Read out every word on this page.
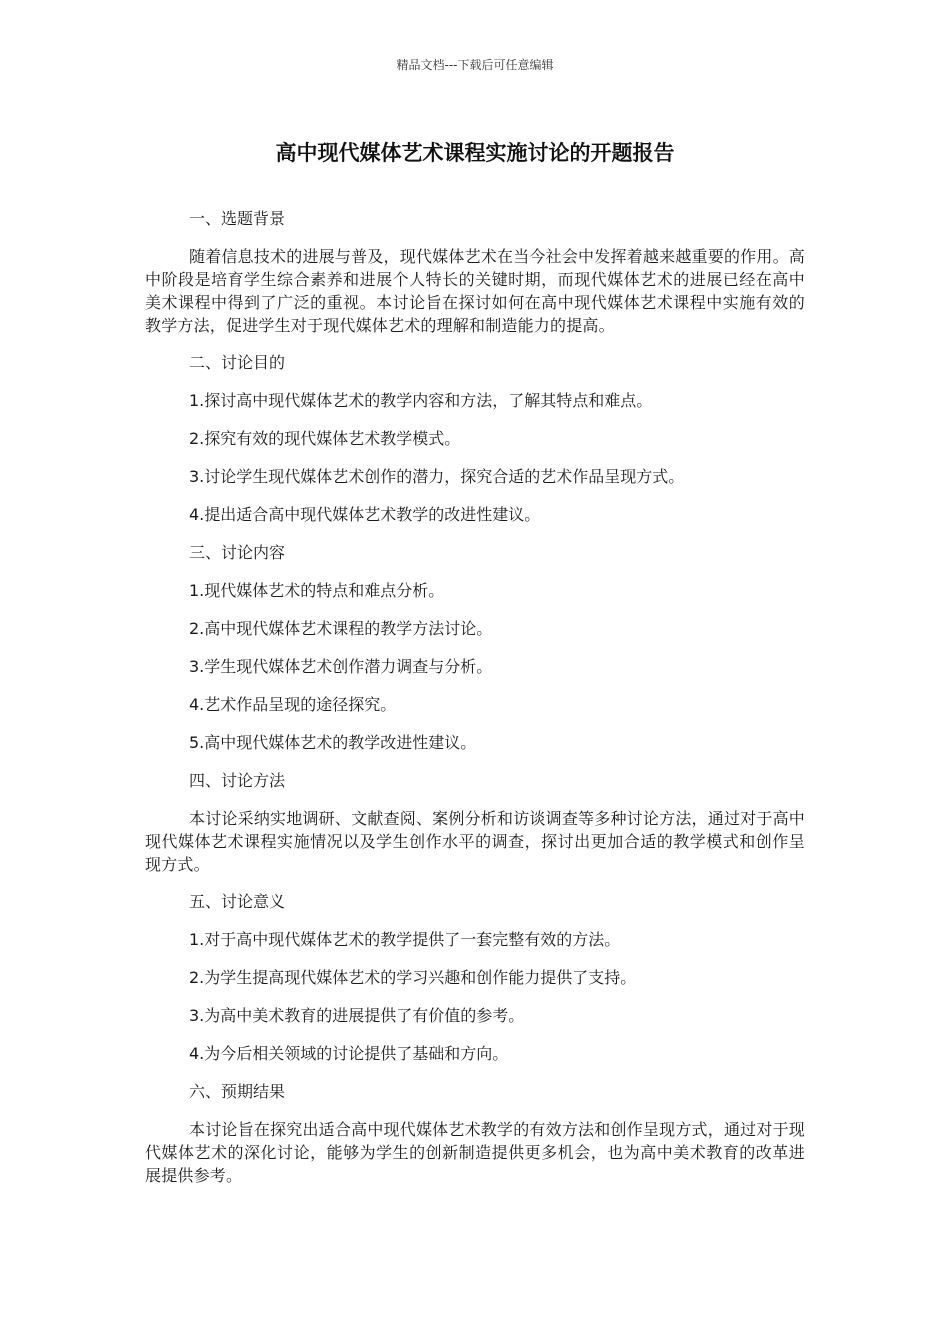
精品文档---下载后可任意编辑
高中现代媒体艺术课程实施讨论的开题报告

一、选题背景

随着信息技术的进展与普及，现代媒体艺术在当今社会中发挥着越来越重要的作用。高中阶段是培育学生综合素养和进展个人特长的关键时期，而现代媒体艺术的进展已经在高中美术课程中得到了广泛的重视。本讨论旨在探讨如何在高中现代媒体艺术课程中实施有效的教学方法，促进学生对于现代媒体艺术的理解和制造能力的提高。

二、讨论目的

1.探讨高中现代媒体艺术的教学内容和方法，了解其特点和难点。

2.探究有效的现代媒体艺术教学模式。

3.讨论学生现代媒体艺术创作的潜力，探究合适的艺术作品呈现方式。

4.提出适合高中现代媒体艺术教学的改进性建议。

三、讨论内容

1.现代媒体艺术的特点和难点分析。

2.高中现代媒体艺术课程的教学方法讨论。

3.学生现代媒体艺术创作潜力调查与分析。

4.艺术作品呈现的途径探究。

5.高中现代媒体艺术的教学改进性建议。

四、讨论方法

本讨论采纳实地调研、文献查阅、案例分析和访谈调查等多种讨论方法，通过对于高中现代媒体艺术课程实施情况以及学生创作水平的调查，探讨出更加合适的教学模式和创作呈现方式。

五、讨论意义

1.对于高中现代媒体艺术的教学提供了一套完整有效的方法。

2.为学生提高现代媒体艺术的学习兴趣和创作能力提供了支持。

3.为高中美术教育的进展提供了有价值的参考。

4.为今后相关领域的讨论提供了基础和方向。

六、预期结果

本讨论旨在探究出适合高中现代媒体艺术教学的有效方法和创作呈现方式，通过对于现代媒体艺术的深化讨论，能够为学生的创新制造提供更多机会，也为高中美术教育的改革进展提供参考。
